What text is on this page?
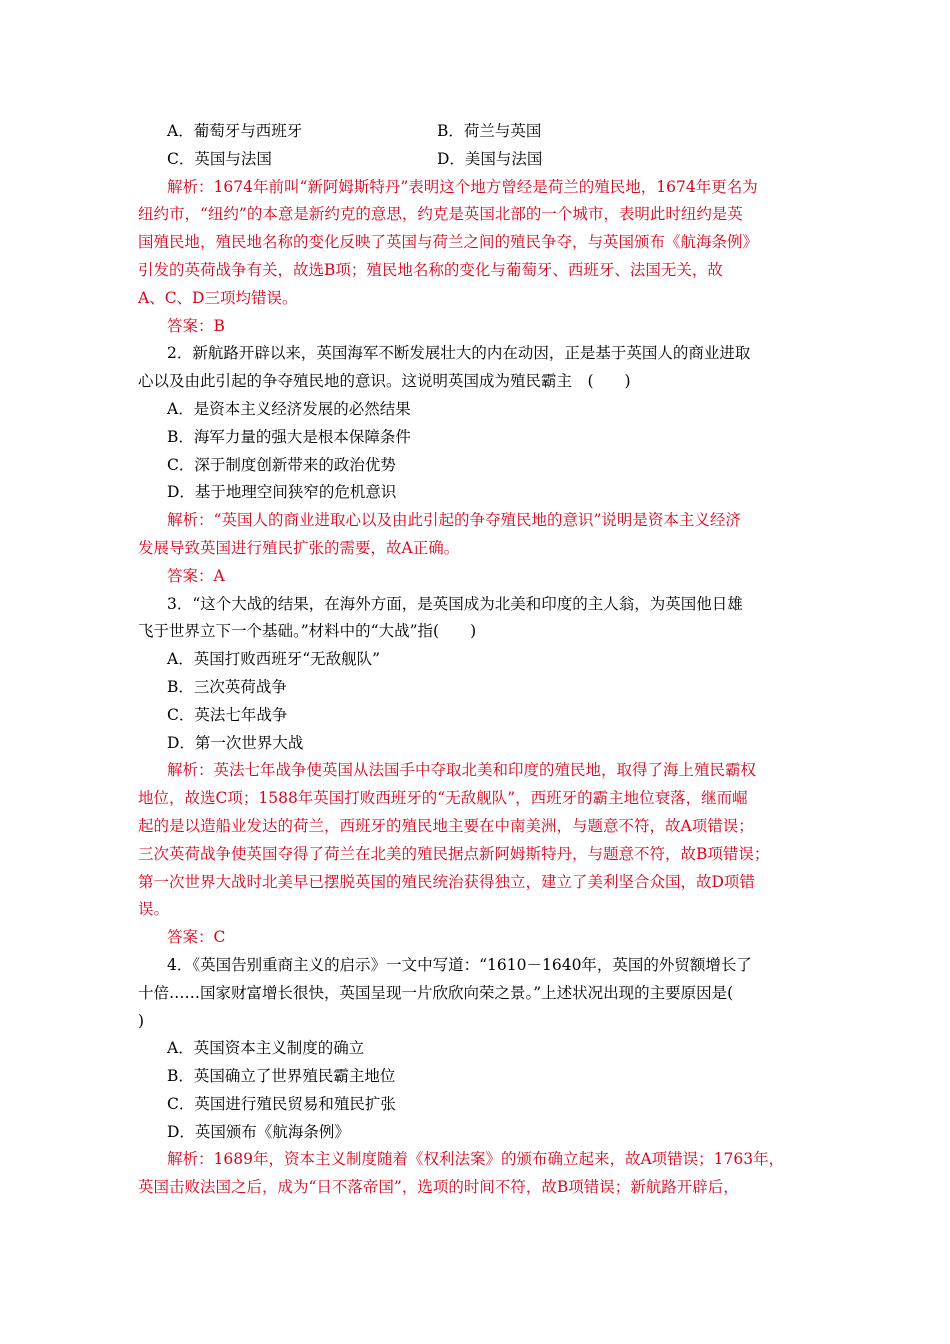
A．葡萄牙与西班牙	B．荷兰与英国
C．英国与法国	D．美国与法国
解析：1674年前叫“新阿姆斯特丹”表明这个地方曾经是荷兰的殖民地，1674年更名为
纽约市，“纽约”的本意是新约克的意思，约克是英国北部的一个城市，表明此时纽约是英
国殖民地，殖民地名称的变化反映了英国与荷兰之间的殖民争夺，与英国颁布《航海条例》
引发的英荷战争有关，故选B项；殖民地名称的变化与葡萄牙、西班牙、法国无关，故
A、C、D三项均错误。
答案：B
2．新航路开辟以来，英国海军不断发展壮大的内在动因，正是基于英国人的商业进取
心以及由此引起的争夺殖民地的意识。这说明英国成为殖民霸主　(　　)
A．是资本主义经济发展的必然结果
B．海军力量的强大是根本保障条件
C．深于制度创新带来的政治优势
D．基于地理空间狭窄的危机意识
解析：“英国人的商业进取心以及由此引起的争夺殖民地的意识”说明是资本主义经济
发展导致英国进行殖民扩张的需要，故A正确。
答案：A
3．“这个大战的结果，在海外方面，是英国成为北美和印度的主人翁，为英国他日雄
飞于世界立下一个基础。”材料中的“大战”指(　　)
A．英国打败西班牙“无敌舰队”
B．三次英荷战争
C．英法七年战争
D．第一次世界大战
解析：英法七年战争使英国从法国手中夺取北美和印度的殖民地，取得了海上殖民霸权
地位，故选C项；1588年英国打败西班牙的“无敌舰队”，西班牙的霸主地位衰落，继而崛
起的是以造船业发达的荷兰，西班牙的殖民地主要在中南美洲，与题意不符，故A项错误；
三次英荷战争使英国夺得了荷兰在北美的殖民据点新阿姆斯特丹，与题意不符，故B项错误；
第一次世界大战时北美早已摆脱英国的殖民统治获得独立，建立了美利坚合众国，故D项错
误。
答案：C
4．《英国告别重商主义的启示》一文中写道：“1610－1640年，英国的外贸额增长了
十倍……国家财富增长很快，英国呈现一片欣欣向荣之景。”上述状况出现的主要原因是(
)
A．英国资本主义制度的确立
B．英国确立了世界殖民霸主地位
C．英国进行殖民贸易和殖民扩张
D．英国颁布《航海条例》
解析：1689年，资本主义制度随着《权利法案》的颁布确立起来，故A项错误；1763年，
英国击败法国之后，成为“日不落帝国”，选项的时间不符，故B项错误；新航路开辟后，
